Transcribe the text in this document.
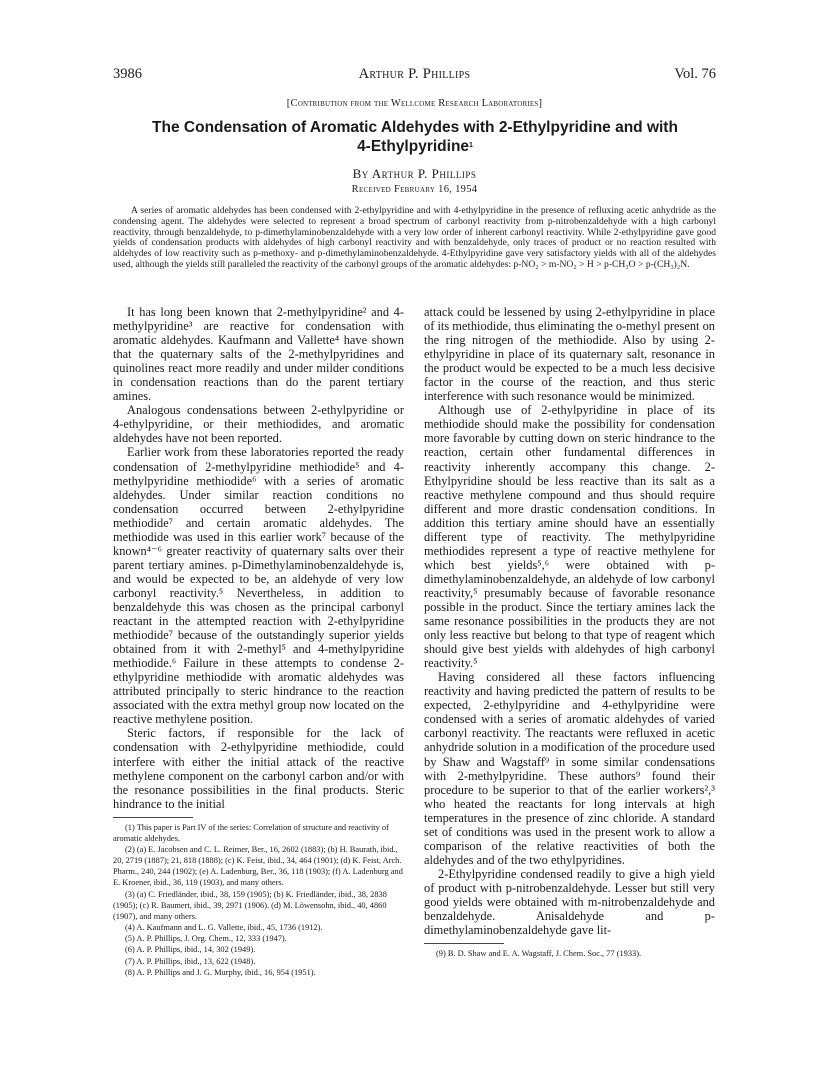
3986	Arthur P. Phillips	Vol. 76
[Contribution from the Wellcome Research Laboratories]
The Condensation of Aromatic Aldehydes with 2-Ethylpyridine and with
4-Ethylpyridine$^1$
By Arthur P. Phillips
Received February 16, 1954

A series of aromatic aldehydes has been condensed with 2-ethylpyridine and with 4-ethylpyridine in the presence of refluxing acetic anhydride as the condensing agent. The aldehydes were selected to represent a broad spectrum of carbonyl reactivity from p-nitrobenzaldehyde with a high carbonyl reactivity, through benzaldehyde, to p-dimethylaminobenzaldehyde with a very low order of inherent carbonyl reactivity. While 2-ethylpyridine gave good yields of condensation products with aldehydes of high carbonyl reactivity and with benzaldehyde, only traces of product or no reaction resulted with aldehydes of low reactivity such as p-methoxy- and p-dimethylaminobenzaldehyde. 4-Ethylpyridine gave very satisfactory yields with all of the aldehydes used, although the yields still paralleled the reactivity of the carbonyl groups of the aromatic aldehydes: p-NO₂ > m-NO₂ > H > p-CH₃O > p-(CH₃)₂N.

It has long been known that 2-methylpyridine² and 4-methylpyridine³ are reactive for condensation with aromatic aldehydes. Kaufmann and Vallette⁴ have shown that the quaternary salts of the 2-methylpyridines and quinolines react more readily and under milder conditions in condensation reactions than do the parent tertiary amines.

Analogous condensations between 2-ethylpyridine or 4-ethylpyridine, or their methiodides, and aromatic aldehydes have not been reported.

Earlier work from these laboratories reported the ready condensation of 2-methylpyridine methiodide⁵ and 4-methylpyridine methiodide⁶ with a series of aromatic aldehydes. Under similar reaction conditions no condensation occurred between 2-ethylpyridine methiodide⁷ and certain aromatic aldehydes. The methiodide was used in this earlier work⁷ because of the known⁴⁻⁶ greater reactivity of quaternary salts over their parent tertiary amines. p-Dimethylaminobenzaldehyde is, and would be expected to be, an aldehyde of very low carbonyl reactivity.⁵ Nevertheless, in addition to benzaldehyde this was chosen as the principal carbonyl reactant in the attempted reaction with 2-ethylpyridine methiodide⁷ because of the outstandingly superior yields obtained from it with 2-methyl⁵ and 4-methylpyridine methiodide.⁶ Failure in these attempts to condense 2-ethylpyridine methiodide with aromatic aldehydes was attributed principally to steric hindrance to the reaction associated with the extra methyl group now located on the reactive methylene position.

Steric factors, if responsible for the lack of condensation with 2-ethylpyridine methiodide, could interfere with either the initial attack of the reactive methylene component on the carbonyl carbon and/or with the resonance possibilities in the final products. Steric hindrance to the initial

(1) This paper is Part IV of the series: Correlation of structure and reactivity of aromatic aldehydes.
(2) (a) E. Jacobsen and C. L. Reimer, Ber., 16, 2602 (1883); (b) H. Baurath, ibid., 20, 2719 (1887); 21, 818 (1888); (c) K. Feist, ibid., 34, 464 (1901); (d) K. Feist, Arch. Pharm., 240, 244 (1902); (e) A. Ladenburg, Ber., 36, 118 (1903); (f) A. Ladenburg and E. Kroener, ibid., 36, 119 (1903), and many others.
(3) (a) C. Friedländer, ibid., 38, 159 (1905); (b) K. Friedländer, ibid., 38, 2838 (1905); (c) R. Baumert, ibid., 39, 2971 (1906). (d) M. Löwensohn, ibid., 40, 4860 (1907), and many others.
(4) A. Kaufmann and L. G. Vallette, ibid., 45, 1736 (1912).
(5) A. P. Phillips, J. Org. Chem., 12, 333 (1947).
(6) A. P. Phillips, ibid., 14, 302 (1949).
(7) A. P. Phillips, ibid., 13, 622 (1948).
(8) A. P. Phillips and J. G. Murphy, ibid., 16, 954 (1951).

attack could be lessened by using 2-ethylpyridine in place of its methiodide, thus eliminating the o-methyl present on the ring nitrogen of the methiodide. Also by using 2-ethylpyridine in place of its quaternary salt, resonance in the product would be expected to be a much less decisive factor in the course of the reaction, and thus steric interference with such resonance would be minimized.

Although use of 2-ethylpyridine in place of its methiodide should make the possibility for condensation more favorable by cutting down on steric hindrance to the reaction, certain other fundamental differences in reactivity inherently accompany this change. 2-Ethylpyridine should be less reactive than its salt as a reactive methylene compound and thus should require different and more drastic condensation conditions. In addition this tertiary amine should have an essentially different type of reactivity. The methylpyridine methiodides represent a type of reactive methylene for which best yields⁵,⁶ were obtained with p-dimethylaminobenzaldehyde, an aldehyde of low carbonyl reactivity,⁵ presumably because of favorable resonance possible in the product. Since the tertiary amines lack the same resonance possibilities in the products they are not only less reactive but belong to that type of reagent which should give best yields with aldehydes of high carbonyl reactivity.⁵

Having considered all these factors influencing reactivity and having predicted the pattern of results to be expected, 2-ethylpyridine and 4-ethylpyridine were condensed with a series of aromatic aldehydes of varied carbonyl reactivity. The reactants were refluxed in acetic anhydride solution in a modification of the procedure used by Shaw and Wagstaff⁹ in some similar condensations with 2-methylpyridine. These authors⁹ found their procedure to be superior to that of the earlier workers²,³ who heated the reactants for long intervals at high temperatures in the presence of zinc chloride. A standard set of conditions was used in the present work to allow a comparison of the relative reactivities of both the aldehydes and of the two ethylpyridines.

2-Ethylpyridine condensed readily to give a high yield of product with p-nitrobenzaldehyde. Lesser but still very good yields were obtained with m-nitrobenzaldehyde and benzaldehyde. Anisaldehyde and p-dimethylaminobenzaldehyde gave lit-

(9) B. D. Shaw and E. A. Wagstaff, J. Chem. Soc., 77 (1933).
